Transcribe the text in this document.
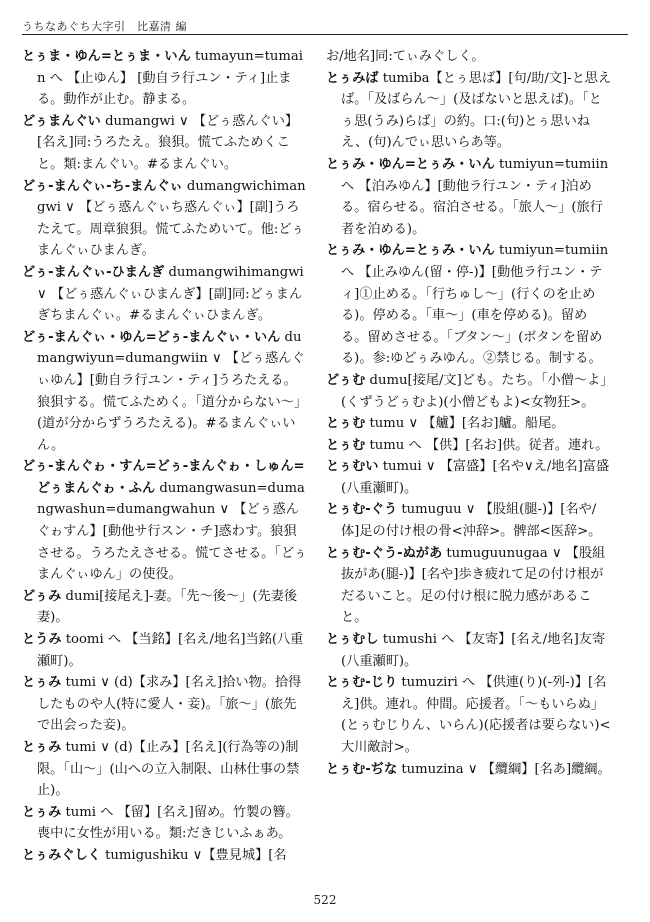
うちなあぐち大字引　比嘉清 編

とぅま・ゆん=とぅま・いん tumayun=tumain へ 【止ゆん】 [動自ラ行ユン・ティ]止まる。動作が止む。静まる。

どぅまんぐい dumangwi ∨ 【どぅ惑んぐい】[名え]同:うろたえ。狼狽。慌てふためくこと。類:まんぐい。#るまんぐい。

どぅ-まんぐぃ-ち-まんぐぃ dumangwichimangwi ∨ 【どぅ惑んぐぃち惑んぐぃ】[副]うろたえて。周章狼狽。慌てふためいて。他:どぅまんぐぃひまんぎ。

どぅ-まんぐぃ-ひまんぎ dumangwihimangwi ∨ 【どぅ惑んぐぃひまんぎ】[副]同:どぅまんぎちまんぐぃ。#るまんぐぃひまんぎ。

どぅ-まんぐぃ・ゆん=どぅ-まんぐぃ・いん dumangwiyun=dumangwiin ∨ 【どぅ惑んぐぃゆん】[動自ラ行ユン・ティ]うろたえる。狼狽する。慌てふためく。「道分からない〜」(道が分からずうろたえる)。#るまんぐぃいん。

どぅ-まんぐゎ・すん=どぅ-まんぐゎ・しゅん=どぅまんぐゎ・ふん dumangwasun=dumangwashun=dumangwahun ∨ 【どぅ惑んぐゎすん】[動他サ行スン・チ]惑わす。狼狽させる。うろたえさせる。慌てさせる。「どぅまんぐぃゆん」の使役。

どぅみ dumi[接尾え]-妻。「先〜後〜」(先妻後妻)。

とうみ toomi へ 【当銘】[名え/地名]当銘(八重瀬町)。

とぅみ tumi ∨ (d)【求み】[名え]拾い物。拾得したものや人(特に愛人・妾)。「旅〜」(旅先で出会った妾)。

とぅみ tumi ∨ (d)【止み】[名え](行為等の)制限。「山〜」(山への立入制限、山林仕事の禁止)。

とぅみ tumi へ 【留】[名え]留め。竹製の簪。喪中に女性が用いる。類:だきじいふぁあ。

とぅみぐしく tumigushiku ∨【豊見城】[名

お/地名]同:てぃみぐしく。

とぅみば tumiba【とぅ思ば】[句/助/文]-と思えば。「及ばらん〜」(及ばないと思えば)。「とぅ思(うみ)らば」の約。口:(句)とぅ思いねえ、(句)んでぃ思いらあ等。

とぅみ・ゆん=とぅみ・いん tumiyun=tumiin へ 【泊みゆん】[動他ラ行ユン・ティ]泊める。宿らせる。宿泊させる。「旅人〜」(旅行者を泊める)。

とぅみ・ゆん=とぅみ・いん tumiyun=tumiin へ 【止みゆん(留・停-)】[動他ラ行ユン・ティ]①止める。「行ちゅし〜」(行くのを止める)。停める。「車〜」(車を停める)。留める。留めさせる。「ブタン〜」(ボタンを留める)。参:ゆどぅみゆん。②禁じる。制する。

どぅむ dumu[接尾/文]ども。たち。「小僧〜よ」(くずうどぅむよ)(小僧どもよ)<女物狂>。

とぅむ tumu ∨ 【艫】[名お]艫。船尾。

とぅむ tumu へ 【供】[名お]供。従者。連れ。

とぅむい tumui ∨ 【富盛】[名や∨え/地名]富盛(八重瀬町)。

とぅむ-ぐう tumuguu ∨ 【股組(腿-)】[名や/体]足の付け根の骨<沖辞>。髀部<医辞>。

とぅむ-ぐう-ぬがあ tumuguunugaa ∨ 【股組抜があ(腿-)】[名や]歩き疲れて足の付け根がだるいこと。足の付け根に脱力感があること。

とぅむし tumushi へ 【友寄】[名え/地名]友寄(八重瀬町)。

とぅむ-じり tumuziri へ 【供連(り)(-列-)】[名え]供。連れ。仲間。応援者。「〜もいらぬ」(とぅむじりん、いらん)(応援者は要らない)<大川敵討>。

とぅむ-ぢな tumuzina ∨ 【纜綱】[名あ]纜綱。

522
